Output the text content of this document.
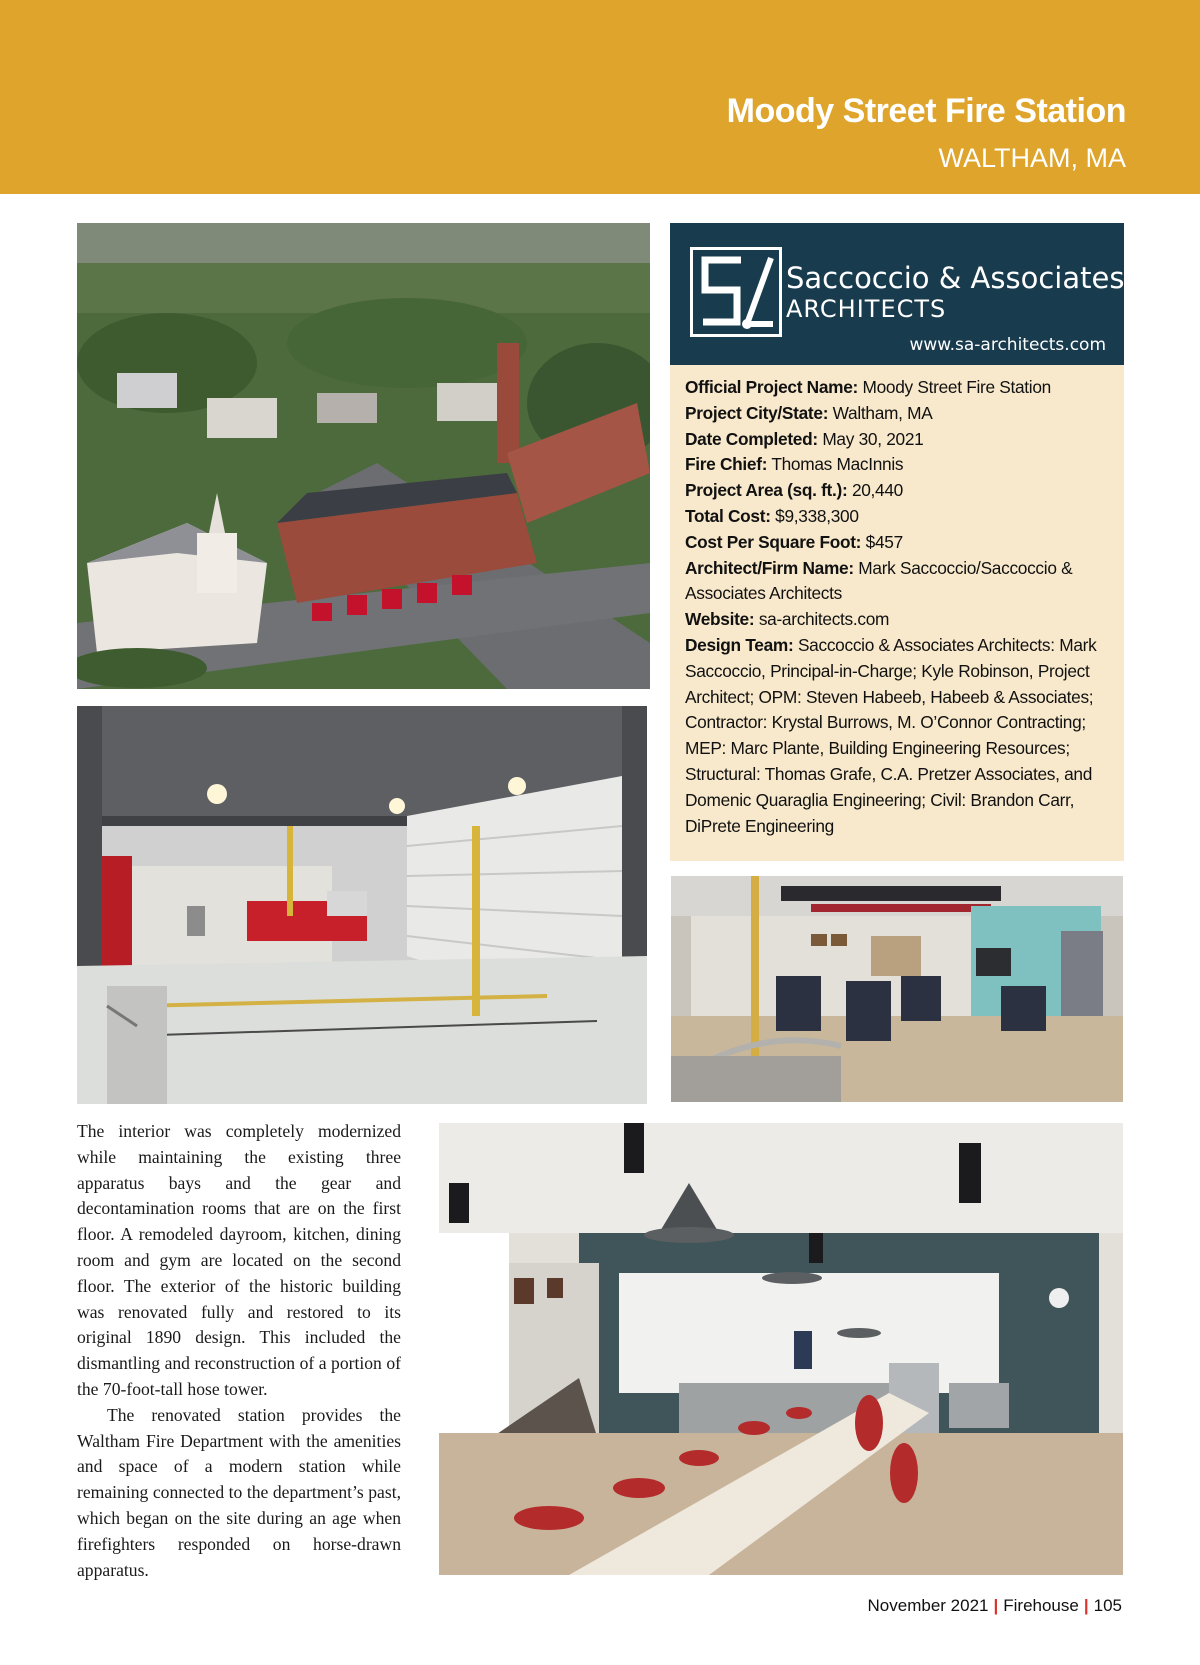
Moody Street Fire Station
WALTHAM, MA
Saccoccio & Associates
ARCHITECTS
www.sa-architects.com

Official Project Name: Moody Street Fire Station

Project City/State: Waltham, MA

Date Completed: May 30, 2021

Fire Chief: Thomas MacInnis

Project Area (sq. ft.): 20,440

Total Cost: $9,338,300

Cost Per Square Foot: $457

Architect/Firm Name: Mark Saccoccio/Saccoccio & Associates Architects

Website: sa-architects.com

Design Team: Saccoccio & Associates Architects: Mark Saccoccio, Principal-in-Charge; Kyle Robinson, Project Architect; OPM: Steven Habeeb, Habeeb & Associates; Contractor: Krystal Burrows, M. O’Connor Contracting; MEP: Marc Plante, Building Engineering Resources; Structural: Thomas Grafe, C.A. Pretzer Associates, and Domenic Quaraglia Engineering; Civil: Brandon Carr, DiPrete Engineering

The interior was completely modernized while maintaining the existing three apparatus bays and the gear and decontamination rooms that are on the first floor. A remodeled dayroom, kitchen, dining room and gym are located on the second floor. The exterior of the historic building was renovated fully and restored to its original 1890 design. This included the dismantling and reconstruction of a portion of the 70-foot-tall hose tower.

The renovated station provides the Waltham Fire Department with the amenities and space of a modern station while remaining connected to the department’s past, which began on the site during an age when firefighters responded on horse-drawn apparatus.

November 2021 | Firehouse | 105
